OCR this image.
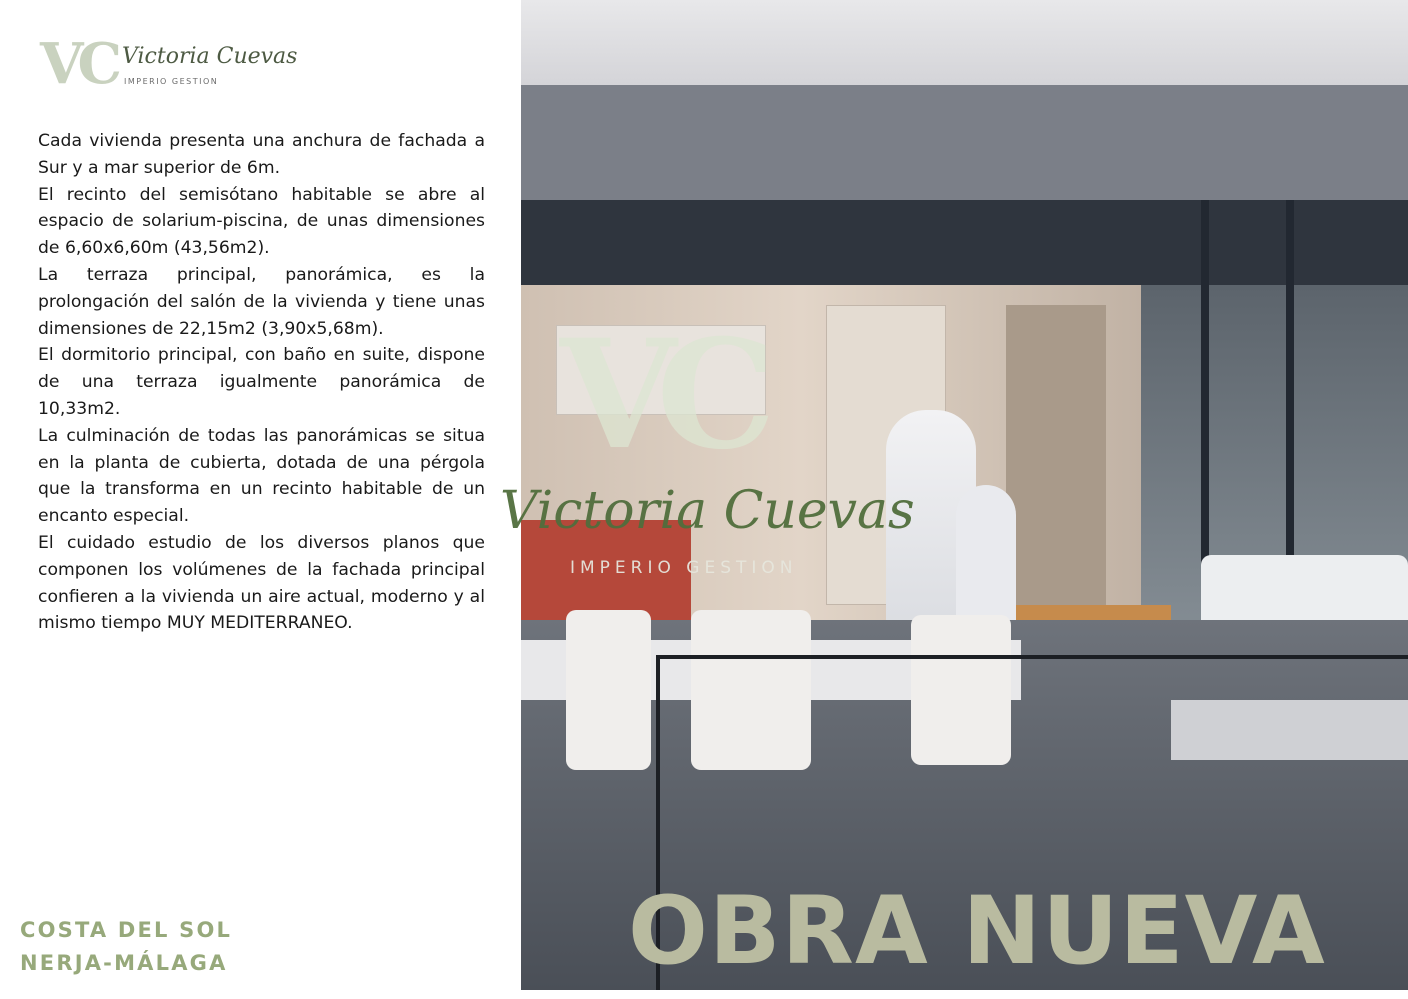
VC Victoria Cuevas
IMPERIO GESTION

Cada vivienda presenta una anchura de fachada a Sur y a mar superior de 6m.

El recinto del semisótano habitable se abre al espacio de solarium-piscina, de unas dimensiones de 6,60x6,60m (43,56m2).

La terraza principal, panorámica, es la prolongación del salón de la vivienda y tiene unas dimensiones de 22,15m2 (3,90x5,68m).

El dormitorio principal, con baño en suite, dispone de una terraza igualmente panorámica de 10,33m2.

La culminación de todas las panorámicas se situa en la planta de cubierta, dotada de una pérgola que la transforma en un recinto habitable de un encanto especial.

El cuidado estudio de los diversos planos que componen los volúmenes de la fachada principal confieren a la vivienda un aire actual, moderno y al mismo tiempo MUY MEDITERRANEO.

COSTA DEL SOL
NERJA-MÁLAGA
VC
Victoria Cuevas
IMPERIO GESTION
OBRA NUEVA
